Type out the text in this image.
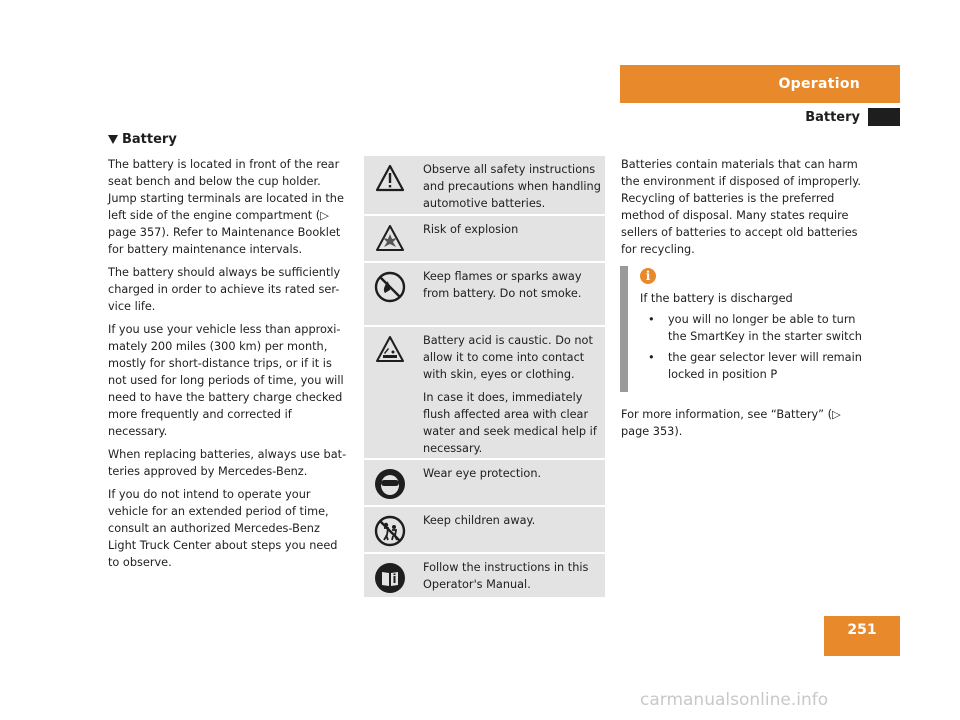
Operation
Battery
Battery

The battery is located in front of the rear seat bench and below the cup holder. Jump starting terminals are located in the left side of the engine compartment (▷ page 357). Refer to Maintenance Booklet for battery maintenance intervals.

The battery should always be sufficiently charged in order to achieve its rated ser-vice life.

If you use your vehicle less than approxi-mately 200 miles (300 km) per month, mostly for short-distance trips, or if it is not used for long periods of time, you will need to have the battery charge checked more frequently and corrected if necessary.

When replacing batteries, always use bat-teries approved by Mercedes-Benz.

If you do not intend to operate your vehicle for an extended period of time, consult an authorized Mercedes-Benz Light Truck Center about steps you need to observe.

Observe all safety instructions and precautions when handling automotive batteries.

Risk of explosion

Keep flames or sparks away from battery. Do not smoke.

Battery acid is caustic. Do not allow it to come into contact with skin, eyes or clothing.

In case it does, immediately flush affected area with clear water and seek medical help if necessary.

Wear eye protection.

Keep children away.

Follow the instructions in this Operator's Manual.

Batteries contain materials that can harm the environment if disposed of improperly. Recycling of batteries is the preferred method of disposal. Many states require sellers of batteries to accept old batteries for recycling.

i

If the battery is discharged

• you will no longer be able to turn the SmartKey in the starter switch
• the gear selector lever will remain locked in position P

For more information, see “Battery” (▷ page 353).

251
carmanualsonline.info
